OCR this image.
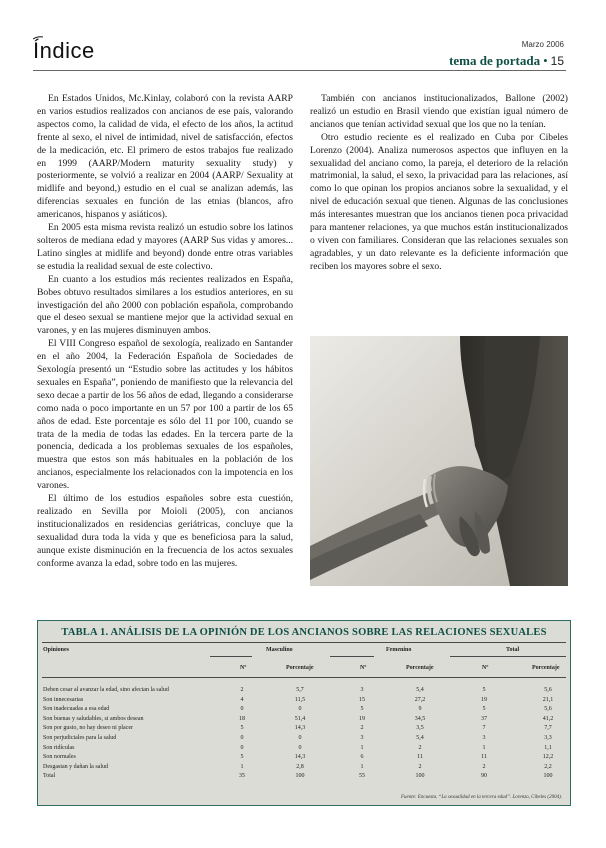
Índice	Marzo 2006
tema de portada • 15

En Estados Unidos, Mc.Kinlay, colaboró con la revista AARP en varios estudios realizados con ancianos de ese país, valorando aspectos como, la calidad de vida, el efecto de los años, la actitud frente al sexo, el nivel de intimidad, nivel de satisfacción, efectos de la medicación, etc. El primero de estos trabajos fue realizado en 1999 (AARP/Modern maturity sexuality study) y posteriormente, se volvió a realizar en 2004 (AARP/ Sexuality at midlife and beyond,) estudio en el cual se analizan además, las diferencias sexuales en función de las etnias (blancos, afro americanos, hispanos y asiáticos).

En 2005 esta misma revista realizó un estudio sobre los latinos solteros de mediana edad y mayores (AARP Sus vidas y amores... Latino singles at midlife and beyond) donde entre otras variables se estudia la realidad sexual de este colectivo.

En cuanto a los estudios más recientes realizados en España, Bobes obtuvo resultados similares a los estudios anteriores, en su investigación del año 2000 con población española, comprobando que el deseo sexual se mantiene mejor que la actividad sexual en varones, y en las mujeres disminuyen ambos.

El VIII Congreso español de sexología, realizado en Santander en el año 2004, la Federación Española de Sociedades de Sexología presentó un “Estudio sobre las actitudes y los hábitos sexuales en España”, poniendo de manifiesto que la relevancia del sexo decae a partir de los 56 años de edad, llegando a considerarse como nada o poco importante en un 57 por 100 a partir de los 65 años de edad. Este porcentaje es sólo del 11 por 100, cuando se trata de la media de todas las edades. En la tercera parte de la ponencia, dedicada a los problemas sexuales de los españoles, muestra que estos son más habituales en la población de los ancianos, especialmente los relacionados con la impotencia en los varones.

El último de los estudios españoles sobre esta cuestión, realizado en Sevilla por Moioli (2005), con ancianos institucionalizados en residencias geriátricas, concluye que la sexualidad dura toda la vida y que es beneficiosa para la salud, aunque existe disminución en la frecuencia de los actos sexuales conforme avanza la edad, sobre todo en las mujeres.

También con ancianos institucionalizados, Ballone (2002) realizó un estudio en Brasil viendo que existían igual número de ancianos que tenían actividad sexual que los que no la tenían.

Otro estudio reciente es el realizado en Cuba por Cibeles Lorenzo (2004). Analiza numerosos aspectos que influyen en la sexualidad del anciano como, la pareja, el deterioro de la relación matrimonial, la salud, el sexo, la privacidad para las relaciones, así como lo que opinan los propios ancianos sobre la sexualidad, y el nivel de educación sexual que tienen. Algunas de las conclusiones más interesantes muestran que los ancianos tienen poca privacidad para mantener relaciones, ya que muchos están institucionalizados o viven con familiares. Consideran que las relaciones sexuales son agradables, y un dato relevante es la deficiente información que reciben los mayores sobre el sexo.

TABLA 1. ANÁLISIS DE LA OPINIÓN DE LOS ANCIANOS SOBRE LAS RELACIONES SEXUALES
Opiniones	Masculino	Femenino	Total
Nº	Porcentaje	Nº	Porcentaje	Nº	Porcentaje
Deben cesar al avanzar la edad, sino afectan la salud	2	5,7	3	5,4	5	5,6
Son innecesarias	4	11,5	15	27,2	19	21,1
Son inadecuadas a esa edad	0	0	5	9	5	5,6
Son buenas y saludables, si ambos desean	18	51,4	19	34,5	37	41,2
Son por gusto, no hay deseo ni placer	5	14,3	2	3,5	7	7,7
Son perjudiciales para la salud	0	0	3	5,4	3	3,3
Son ridículas	0	0	1	2	1	1,1
Son normales	5	14,3	6	11	11	12,2
Desgastan y dañan la salud	1	2,8	1	2	2	2,2
Total	35	100	55	100	90	100
Fuente: Encuesta. “La sexualidad en la tercera edad”. Lorenzo, Cibeles (2004).
